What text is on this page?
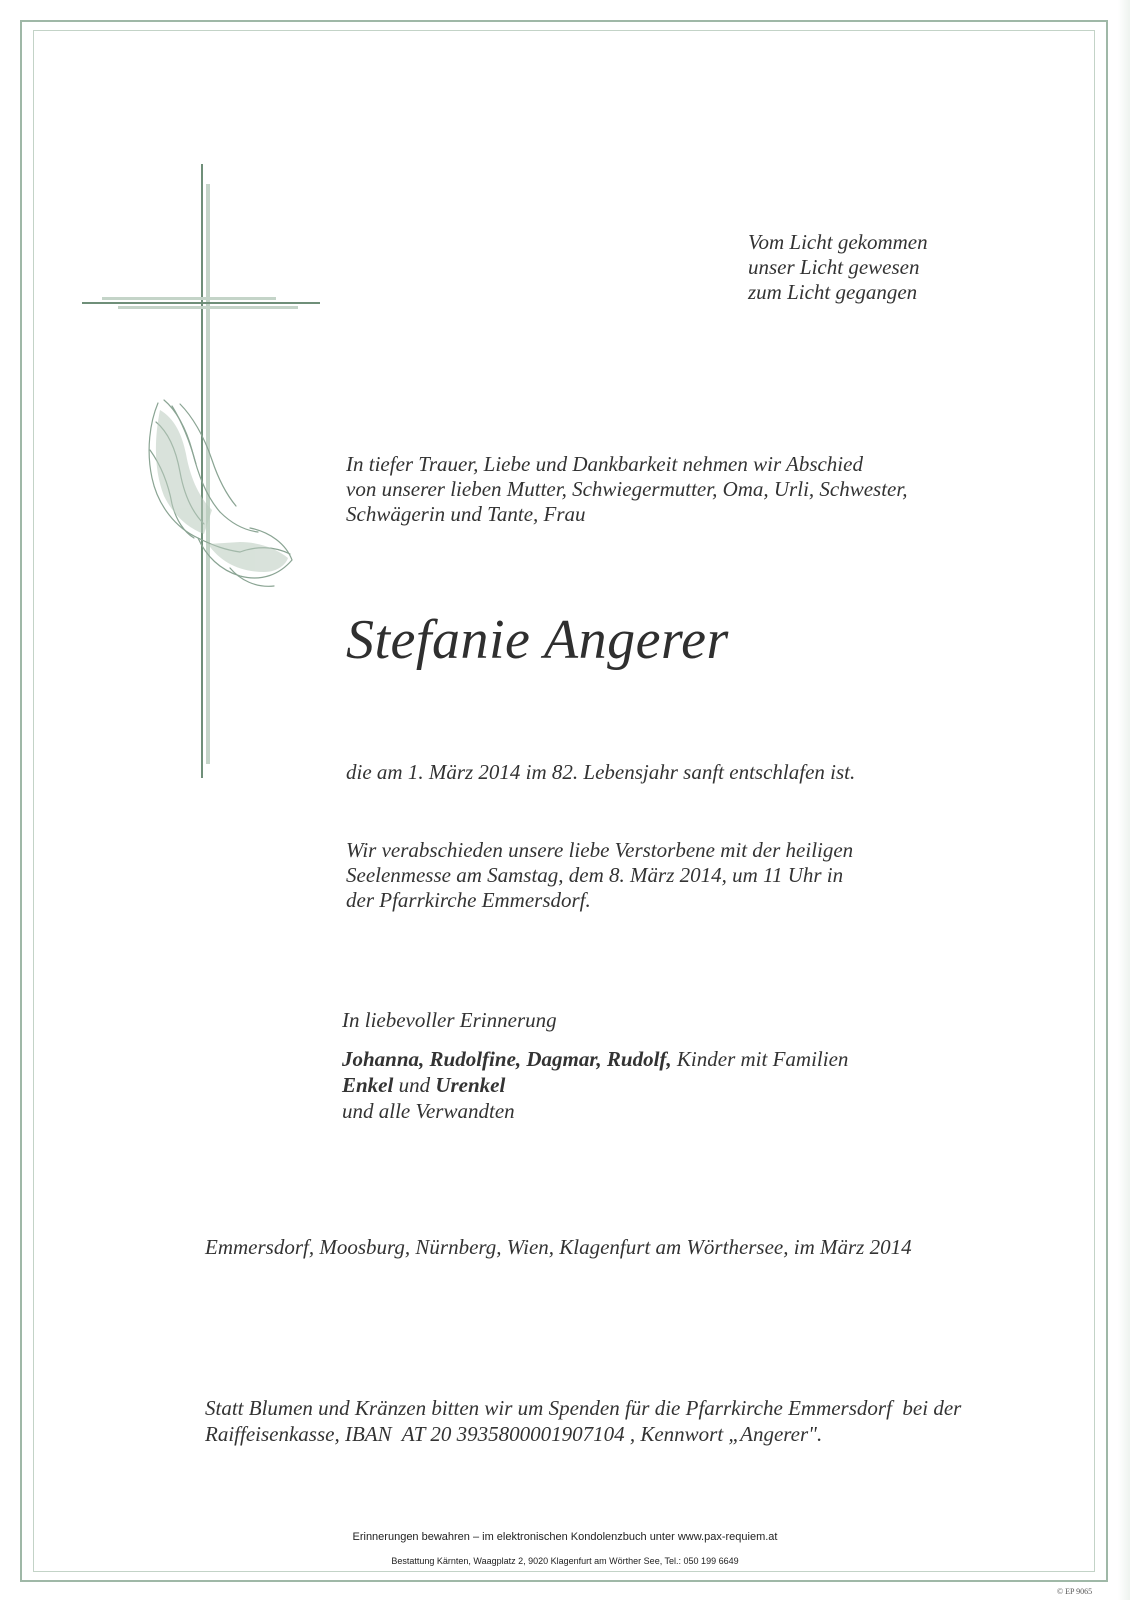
Vom Licht gekommen
unser Licht gewesen
zum Licht gegangen
In tiefer Trauer, Liebe und Dankbarkeit nehmen wir Abschied
von unserer lieben Mutter, Schwiegermutter, Oma, Urli, Schwester,
Schwägerin und Tante, Frau
Stefanie Angerer
die am 1. März 2014 im 82. Lebensjahr sanft entschlafen ist.
Wir verabschieden unsere liebe Verstorbene mit der heiligen
Seelenmesse am Samstag, dem 8. März 2014, um 11 Uhr in
der Pfarrkirche Emmersdorf.
In liebevoller Erinnerung
Johanna, Rudolfine, Dagmar, Rudolf, Kinder mit Familien
Enkel und Urenkel
und alle Verwandten
Emmersdorf, Moosburg, Nürnberg, Wien, Klagenfurt am Wörthersee, im März 2014
Statt Blumen und Kränzen bitten wir um Spenden für die Pfarrkirche Emmersdorf  bei der
Raiffeisenkasse, IBAN  AT 20 3935800001907104 , Kennwort „Angerer".
Erinnerungen bewahren – im elektronischen Kondolenzbuch unter www.pax-requiem.at
Bestattung Kärnten, Waagplatz 2, 9020 Klagenfurt am Wörther See, Tel.: 050 199 6649
© EP 9065
